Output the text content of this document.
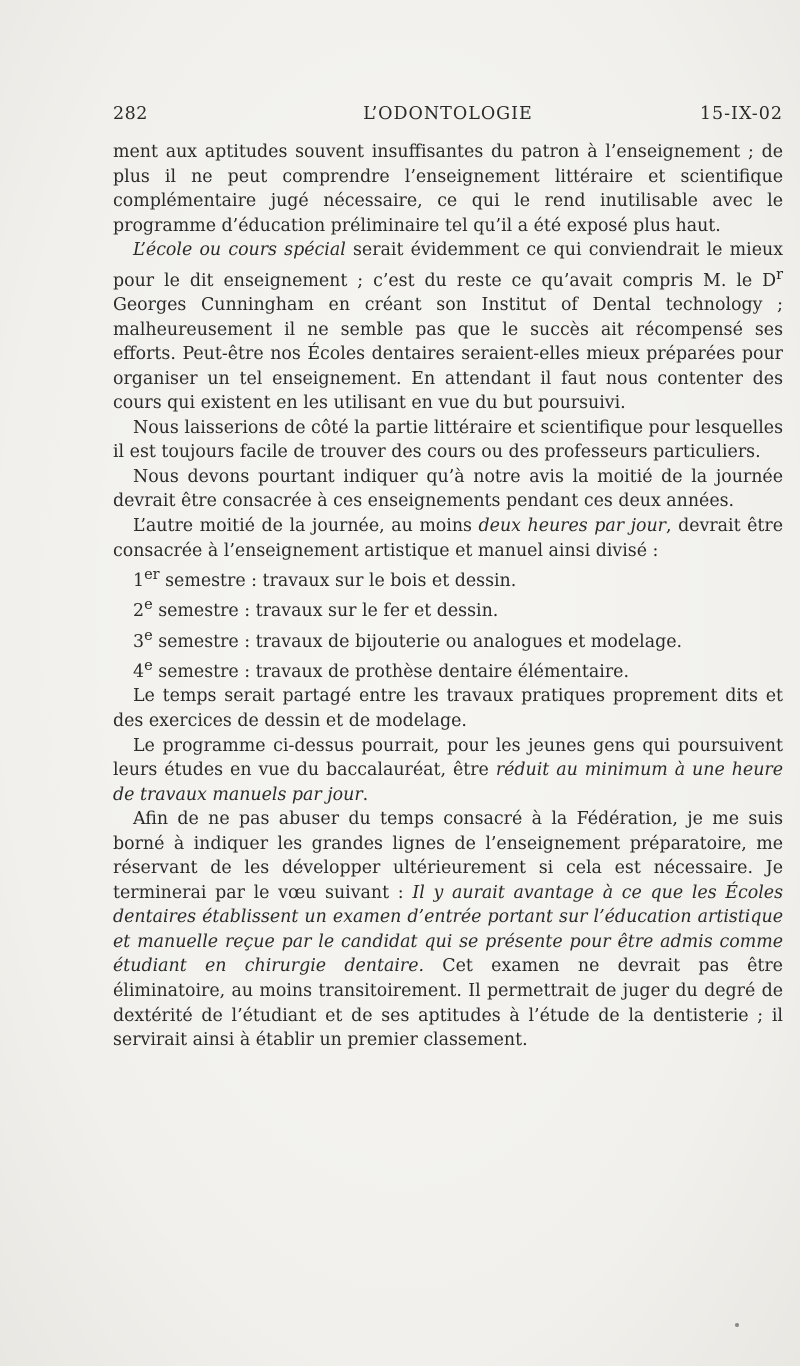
282	L’ODONTOLOGIE	15-IX-02

ment aux aptitudes souvent insuffisantes du patron à l’enseignement ; de plus il ne peut comprendre l’enseignement littéraire et scientifique complémentaire jugé nécessaire, ce qui le rend inutilisable avec le programme d’éducation préliminaire tel qu’il a été exposé plus haut.

L’école ou cours spécial serait évidemment ce qui conviendrait le mieux pour le dit enseignement ; c’est du reste ce qu’avait compris M. le $D^r$ Georges Cunningham en créant son Institut of Dental technology ; malheureusement il ne semble pas que le succès ait récompensé ses efforts. Peut-être nos Écoles dentaires seraient-elles mieux préparées pour organiser un tel enseignement. En attendant il faut nous contenter des cours qui existent en les utilisant en vue du but poursuivi.

Nous laisserions de côté la partie littéraire et scientifique pour lesquelles il est toujours facile de trouver des cours ou des professeurs particuliers.

Nous devons pourtant indiquer qu’à notre avis la moitié de la journée devrait être consacrée à ces enseignements pendant ces deux années.

L’autre moitié de la journée, au moins deux heures par jour, devrait être consacrée à l’enseignement artistique et manuel ainsi divisé :

1er semestre : travaux sur le bois et dessin.

2e semestre : travaux sur le fer et dessin.

3e semestre : travaux de bijouterie ou analogues et modelage.

4e semestre : travaux de prothèse dentaire élémentaire.

Le temps serait partagé entre les travaux pratiques proprement dits et des exercices de dessin et de modelage.

Le programme ci-dessus pourrait, pour les jeunes gens qui poursuivent leurs études en vue du baccalauréat, être réduit au minimum à une heure de travaux manuels par jour.

Afin de ne pas abuser du temps consacré à la Fédération, je me suis borné à indiquer les grandes lignes de l’enseignement préparatoire, me réservant de les développer ultérieurement si cela est nécessaire. Je terminerai par le vœu suivant : Il y aurait avantage à ce que les Écoles dentaires établissent un examen d’entrée portant sur l’éducation artistique et manuelle reçue par le candidat qui se présente pour être admis comme étudiant en chirurgie dentaire. Cet examen ne devrait pas être éliminatoire, au moins transitoirement. Il permettrait de juger du degré de dextérité de l’étudiant et de ses aptitudes à l’étude de la dentisterie ; il servirait ainsi à établir un premier classement.
